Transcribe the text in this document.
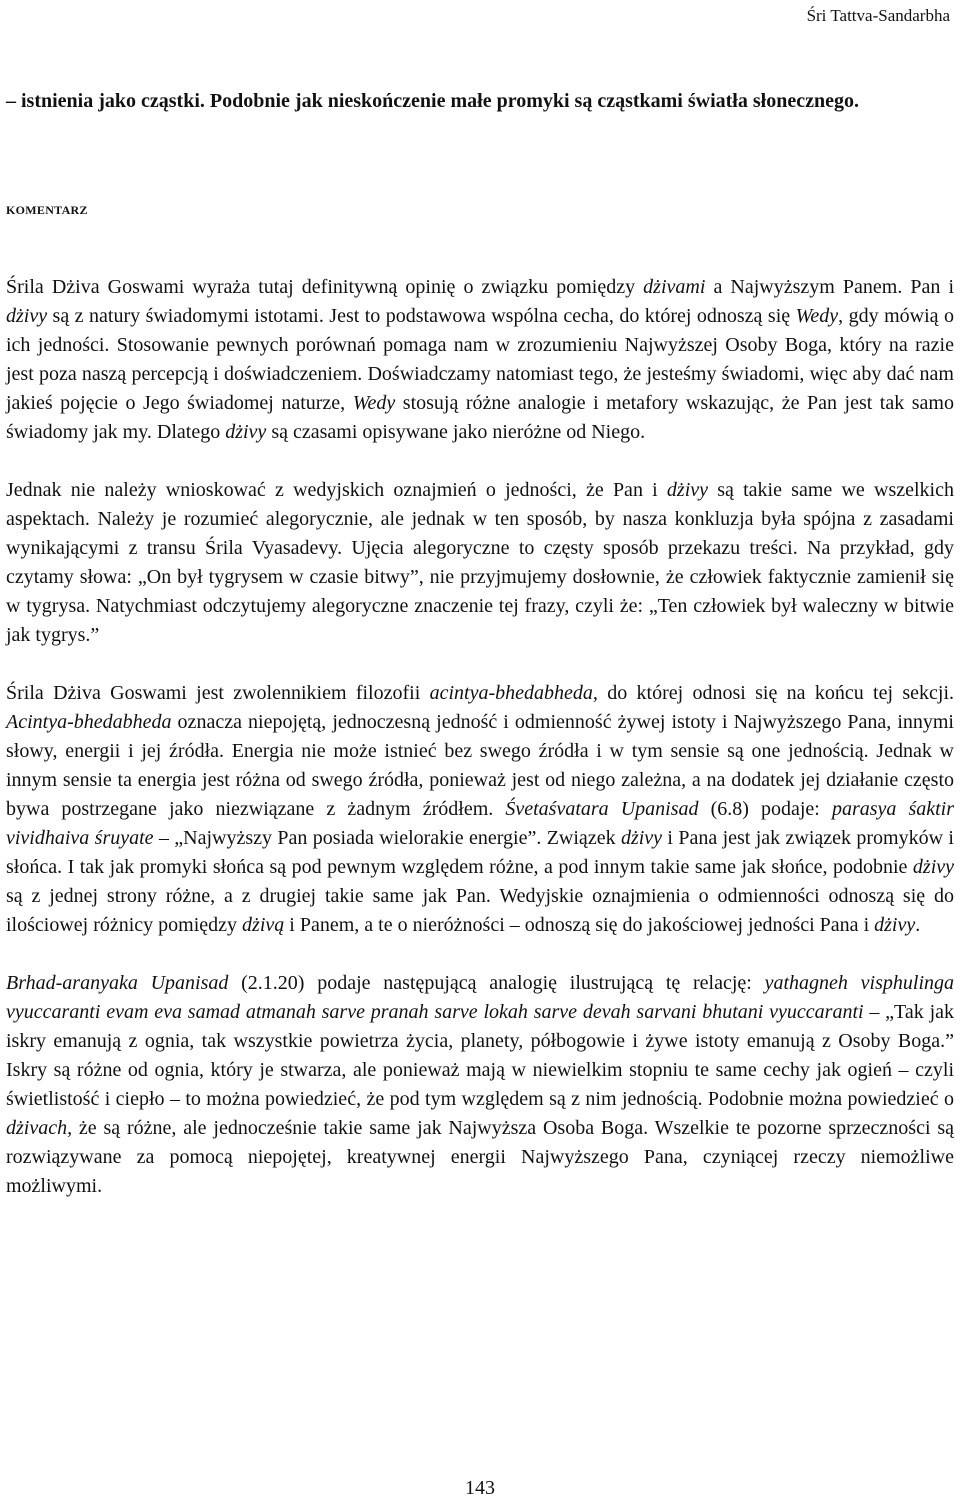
Śri Tattva-Sandarbha

– istnienia jako cząstki. Podobnie jak nieskończenie małe promyki są cząstkami światła słonecznego.

KOMENTARZ

Śrila Dżiva Goswami wyraża tutaj definitywną opinię o związku pomiędzy dżivami a Najwyższym Panem. Pan i dżivy są z natury świadomymi istotami. Jest to podstawowa wspólna cecha, do której odnoszą się Wedy, gdy mówią o ich jedności. Stosowanie pewnych porównań pomaga nam w zrozumieniu Najwyższej Osoby Boga, który na razie jest poza naszą percepcją i doświadczeniem. Doświadczamy natomiast tego, że jesteśmy świadomi, więc aby dać nam jakieś pojęcie o Jego świadomej naturze, Wedy stosują różne analogie i metafory wskazując, że Pan jest tak samo świadomy jak my. Dlatego dżivy są czasami opisywane jako nieróżne od Niego.

Jednak nie należy wnioskować z wedyjskich oznajmień o jedności, że Pan i dżivy są takie same we wszelkich aspektach. Należy je rozumieć alegorycznie, ale jednak w ten sposób, by nasza konkluzja była spójna z zasadami wynikającymi z transu Śrila Vyasadevy. Ujęcia alegoryczne to częsty sposób przekazu treści. Na przykład, gdy czytamy słowa: „On był tygrysem w czasie bitwy”, nie przyjmujemy dosłownie, że człowiek faktycznie zamienił się w tygrysa. Natychmiast odczytujemy alegoryczne znaczenie tej frazy, czyli że: „Ten człowiek był waleczny w bitwie jak tygrys.”

Śrila Dżiva Goswami jest zwolennikiem filozofii acintya-bhedabheda, do której odnosi się na końcu tej sekcji. Acintya-bhedabheda oznacza niepojętą, jednoczesną jedność i odmienność żywej istoty i Najwyższego Pana, innymi słowy, energii i jej źródła. Energia nie może istnieć bez swego źródła i w tym sensie są one jednością. Jednak w innym sensie ta energia jest różna od swego źródła, ponieważ jest od niego zależna, a na dodatek jej działanie często bywa postrzegane jako niezwiązane z żadnym źródłem. Śvetaśvatara Upanisad (6.8) podaje: parasya śaktir vividhaiva śruyate – „Najwyższy Pan posiada wielorakie energie”. Związek dżivy i Pana jest jak związek promyków i słońca. I tak jak promyki słońca są pod pewnym względem różne, a pod innym takie same jak słońce, podobnie dżivy są z jednej strony różne, a z drugiej takie same jak Pan. Wedyjskie oznajmienia o odmienności odnoszą się do ilościowej różnicy pomiędzy dżivą i Panem, a te o nieróżności – odnoszą się do jakościowej jedności Pana i dżivy.

Brhad-aranyaka Upanisad (2.1.20) podaje następującą analogię ilustrującą tę relację: yathagneh visphulinga vyuccaranti evam eva samad atmanah sarve pranah sarve lokah sarve devah sarvani bhutani vyuccaranti – „Tak jak iskry emanują z ognia, tak wszystkie powietrza życia, planety, półbogowie i żywe istoty emanują z Osoby Boga.” Iskry są różne od ognia, który je stwarza, ale ponieważ mają w niewielkim stopniu te same cechy jak ogień – czyli świetlistość i ciepło – to można powiedzieć, że pod tym względem są z nim jednością. Podobnie można powiedzieć o dżivach, że są różne, ale jednocześnie takie same jak Najwyższa Osoba Boga. Wszelkie te pozorne sprzeczności są rozwiązywane za pomocą niepojętej, kreatywnej energii Najwyższego Pana, czyniącej rzeczy niemożliwe możliwymi.

143
